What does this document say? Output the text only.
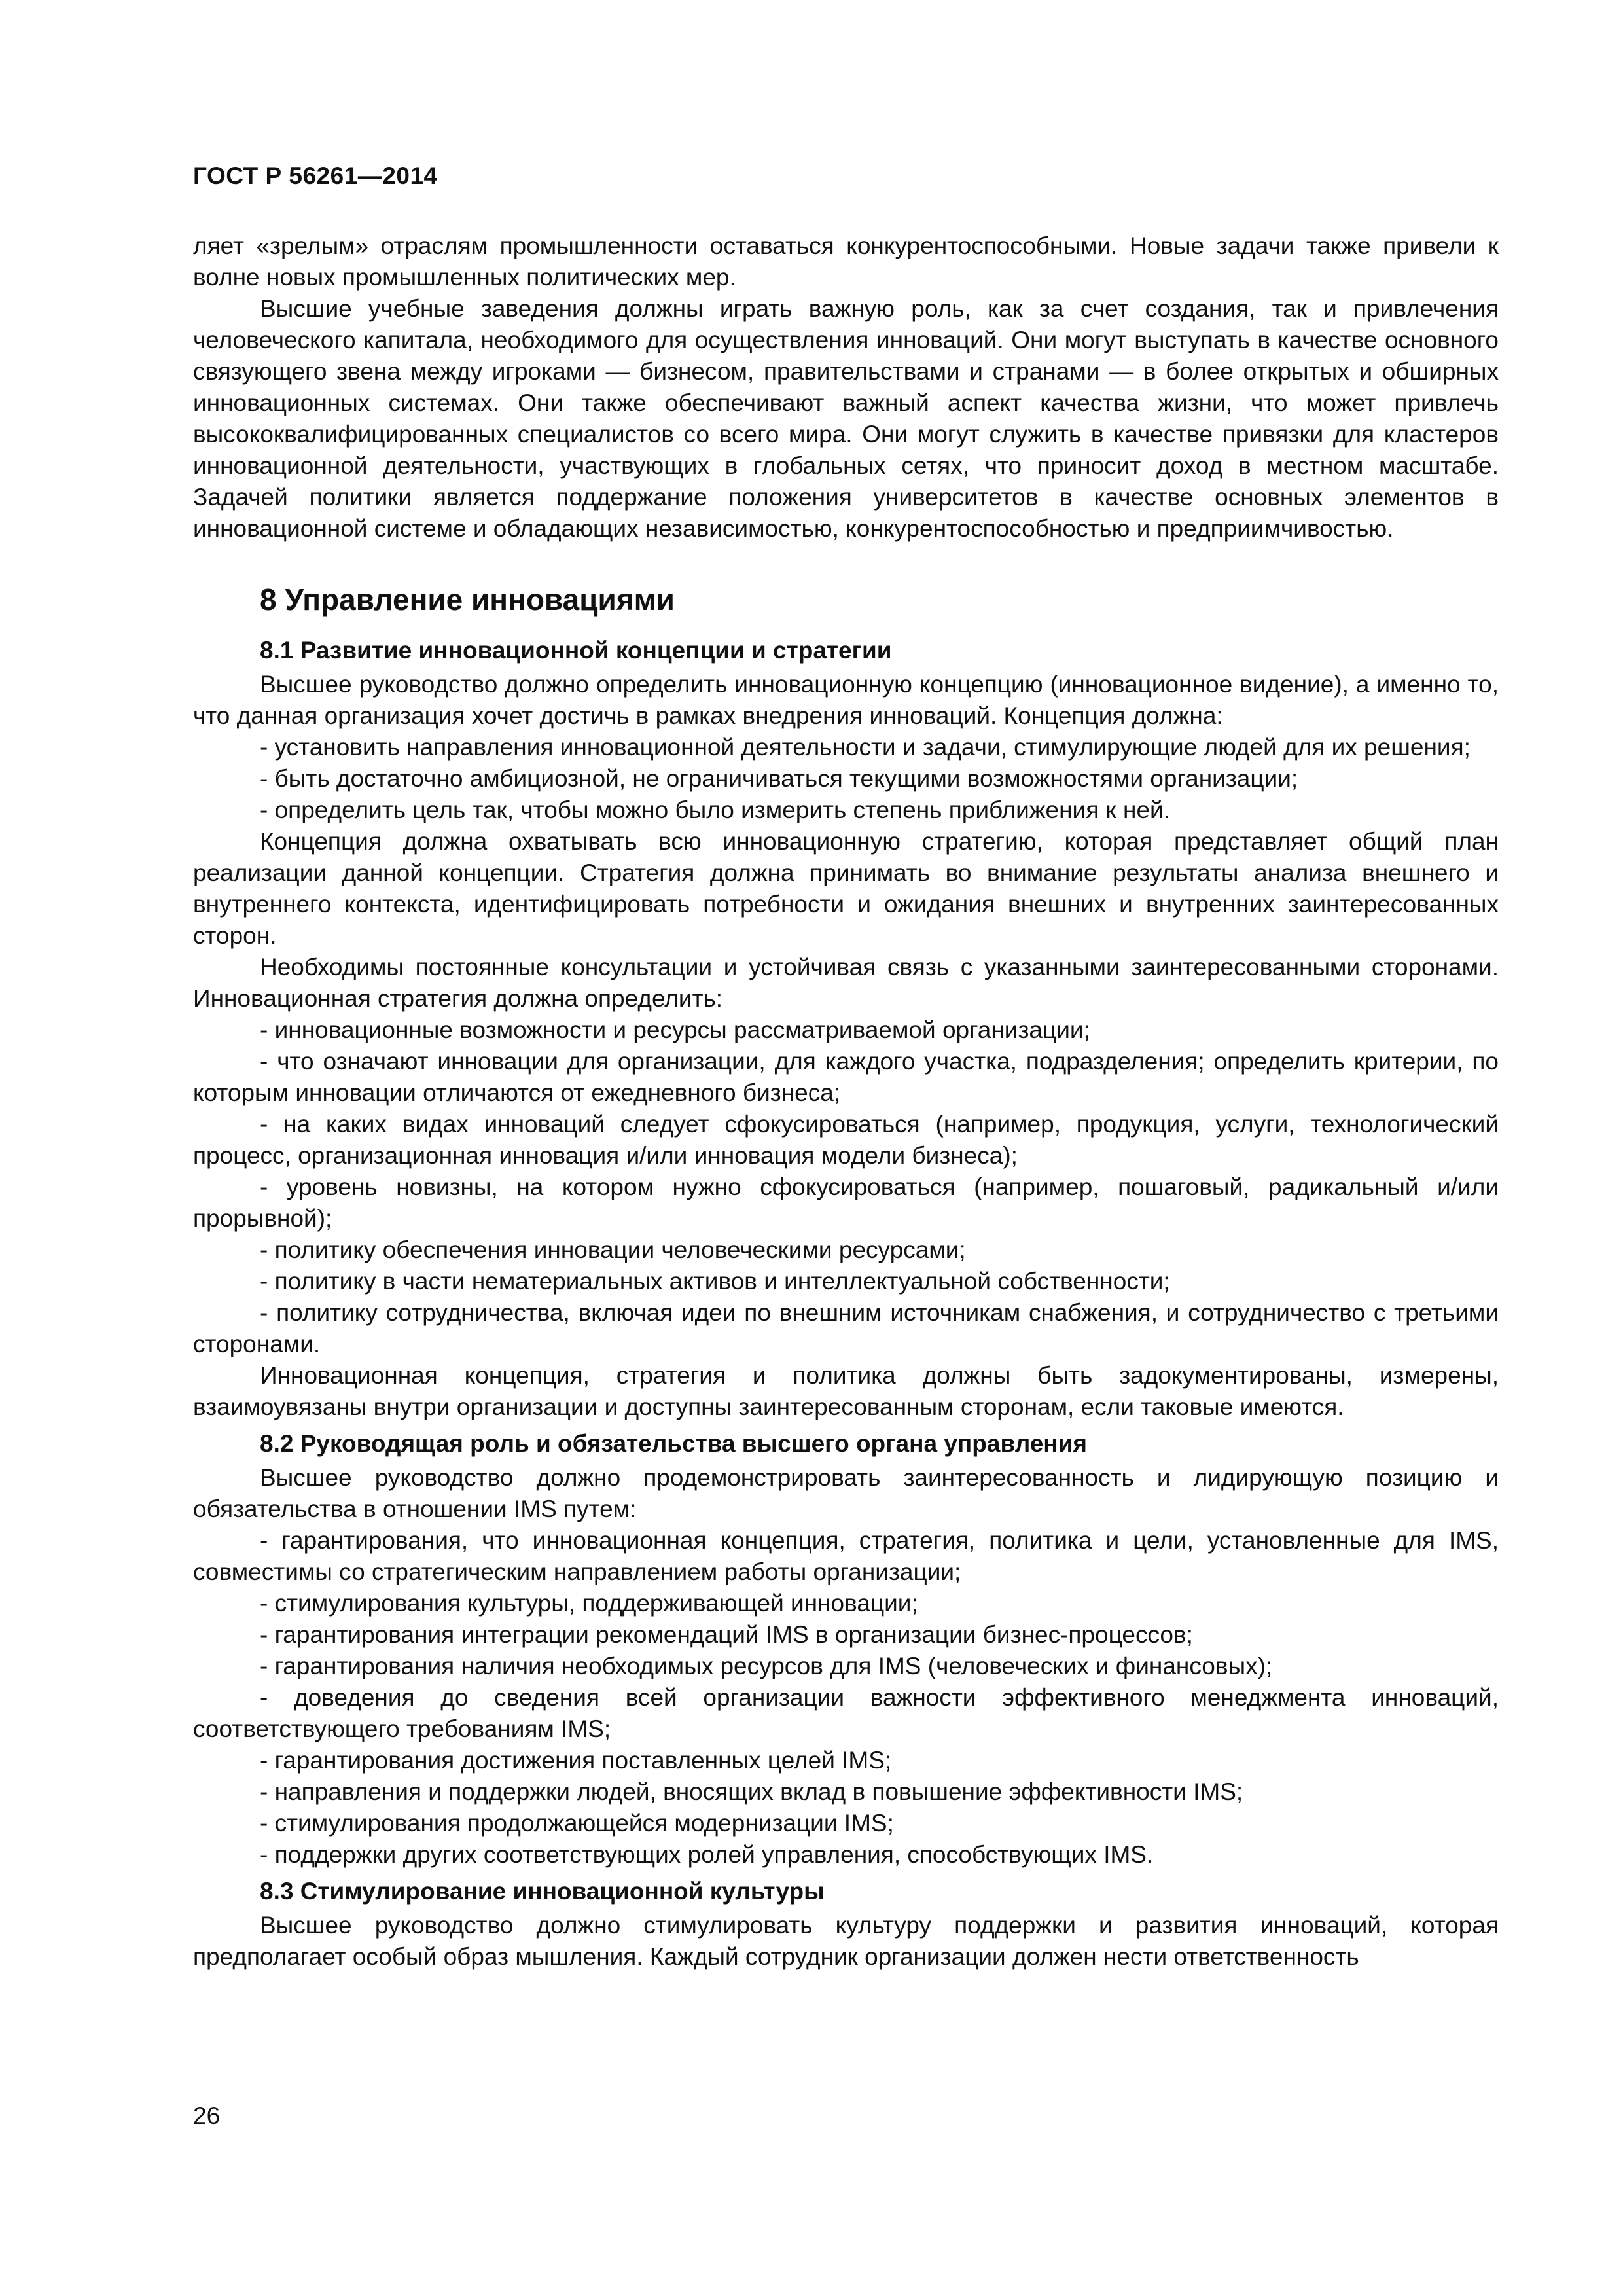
ГОСТ Р 56261—2014

ляет «зрелым» отраслям промышленности оставаться конкурентоспособными. Новые задачи также привели к волне новых промышленных политических мер.

Высшие учебные заведения должны играть важную роль, как за счет создания, так и привлечения человеческого капитала, необходимого для осуществления инноваций. Они могут выступать в качестве основного связующего звена между игроками — бизнесом, правительствами и странами — в более открытых и обширных инновационных системах. Они также обеспечивают важный аспект качества жизни, что может привлечь высококвалифицированных специалистов со всего мира. Они могут служить в качестве привязки для кластеров инновационной деятельности, участвующих в глобальных сетях, что приносит доход в местном масштабе. Задачей политики является поддержание положения университетов в качестве основных элементов в инновационной системе и обладающих независимостью, конкурентоспособностью и предприимчивостью.

8 Управление инновациями
8.1 Развитие инновационной концепции и стратегии

Высшее руководство должно определить инновационную концепцию (инновационное видение), а именно то, что данная организация хочет достичь в рамках внедрения инноваций. Концепция должна:

- установить направления инновационной деятельности и задачи, стимулирующие людей для их решения;

- быть достаточно амбициозной, не ограничиваться текущими возможностями организации;

- определить цель так, чтобы можно было измерить степень приближения к ней.

Концепция должна охватывать всю инновационную стратегию, которая представляет общий план реализации данной концепции. Стратегия должна принимать во внимание результаты анализа внешнего и внутреннего контекста, идентифицировать потребности и ожидания внешних и внутренних заинтересованных сторон.

Необходимы постоянные консультации и устойчивая связь с указанными заинтересованными сторонами. Инновационная стратегия должна определить:

- инновационные возможности и ресурсы рассматриваемой организации;

- что означают инновации для организации, для каждого участка, подразделения; определить критерии, по которым инновации отличаются от ежедневного бизнеса;

- на каких видах инноваций следует сфокусироваться (например, продукция, услуги, технологический процесс, организационная инновация и/или инновация модели бизнеса);

- уровень новизны, на котором нужно сфокусироваться (например, пошаговый, радикальный и/или прорывной);

- политику обеспечения инновации человеческими ресурсами;

- политику в части нематериальных активов и интеллектуальной собственности;

- политику сотрудничества, включая идеи по внешним источникам снабжения, и сотрудничество с третьими сторонами.

Инновационная концепция, стратегия и политика должны быть задокументированы, измерены, взаимоувязаны внутри организации и доступны заинтересованным сторонам, если таковые имеются.

8.2 Руководящая роль и обязательства высшего органа управления

Высшее руководство должно продемонстрировать заинтересованность и лидирующую позицию и обязательства в отношении IMS путем:

- гарантирования, что инновационная концепция, стратегия, политика и цели, установленные для IMS, совместимы со стратегическим направлением работы организации;

- стимулирования культуры, поддерживающей инновации;

- гарантирования интеграции рекомендаций IMS в организации бизнес-процессов;

- гарантирования наличия необходимых ресурсов для IMS (человеческих и финансовых);

- доведения до сведения всей организации важности эффективного менеджмента инноваций, соответствующего требованиям IMS;

- гарантирования достижения поставленных целей IMS;

- направления и поддержки людей, вносящих вклад в повышение эффективности IMS;

- стимулирования продолжающейся модернизации IMS;

- поддержки других соответствующих ролей управления, способствующих IMS.

8.3 Стимулирование инновационной культуры

Высшее руководство должно стимулировать культуру поддержки и развития инноваций, которая предполагает особый образ мышления. Каждый сотрудник организации должен нести ответственность

26
